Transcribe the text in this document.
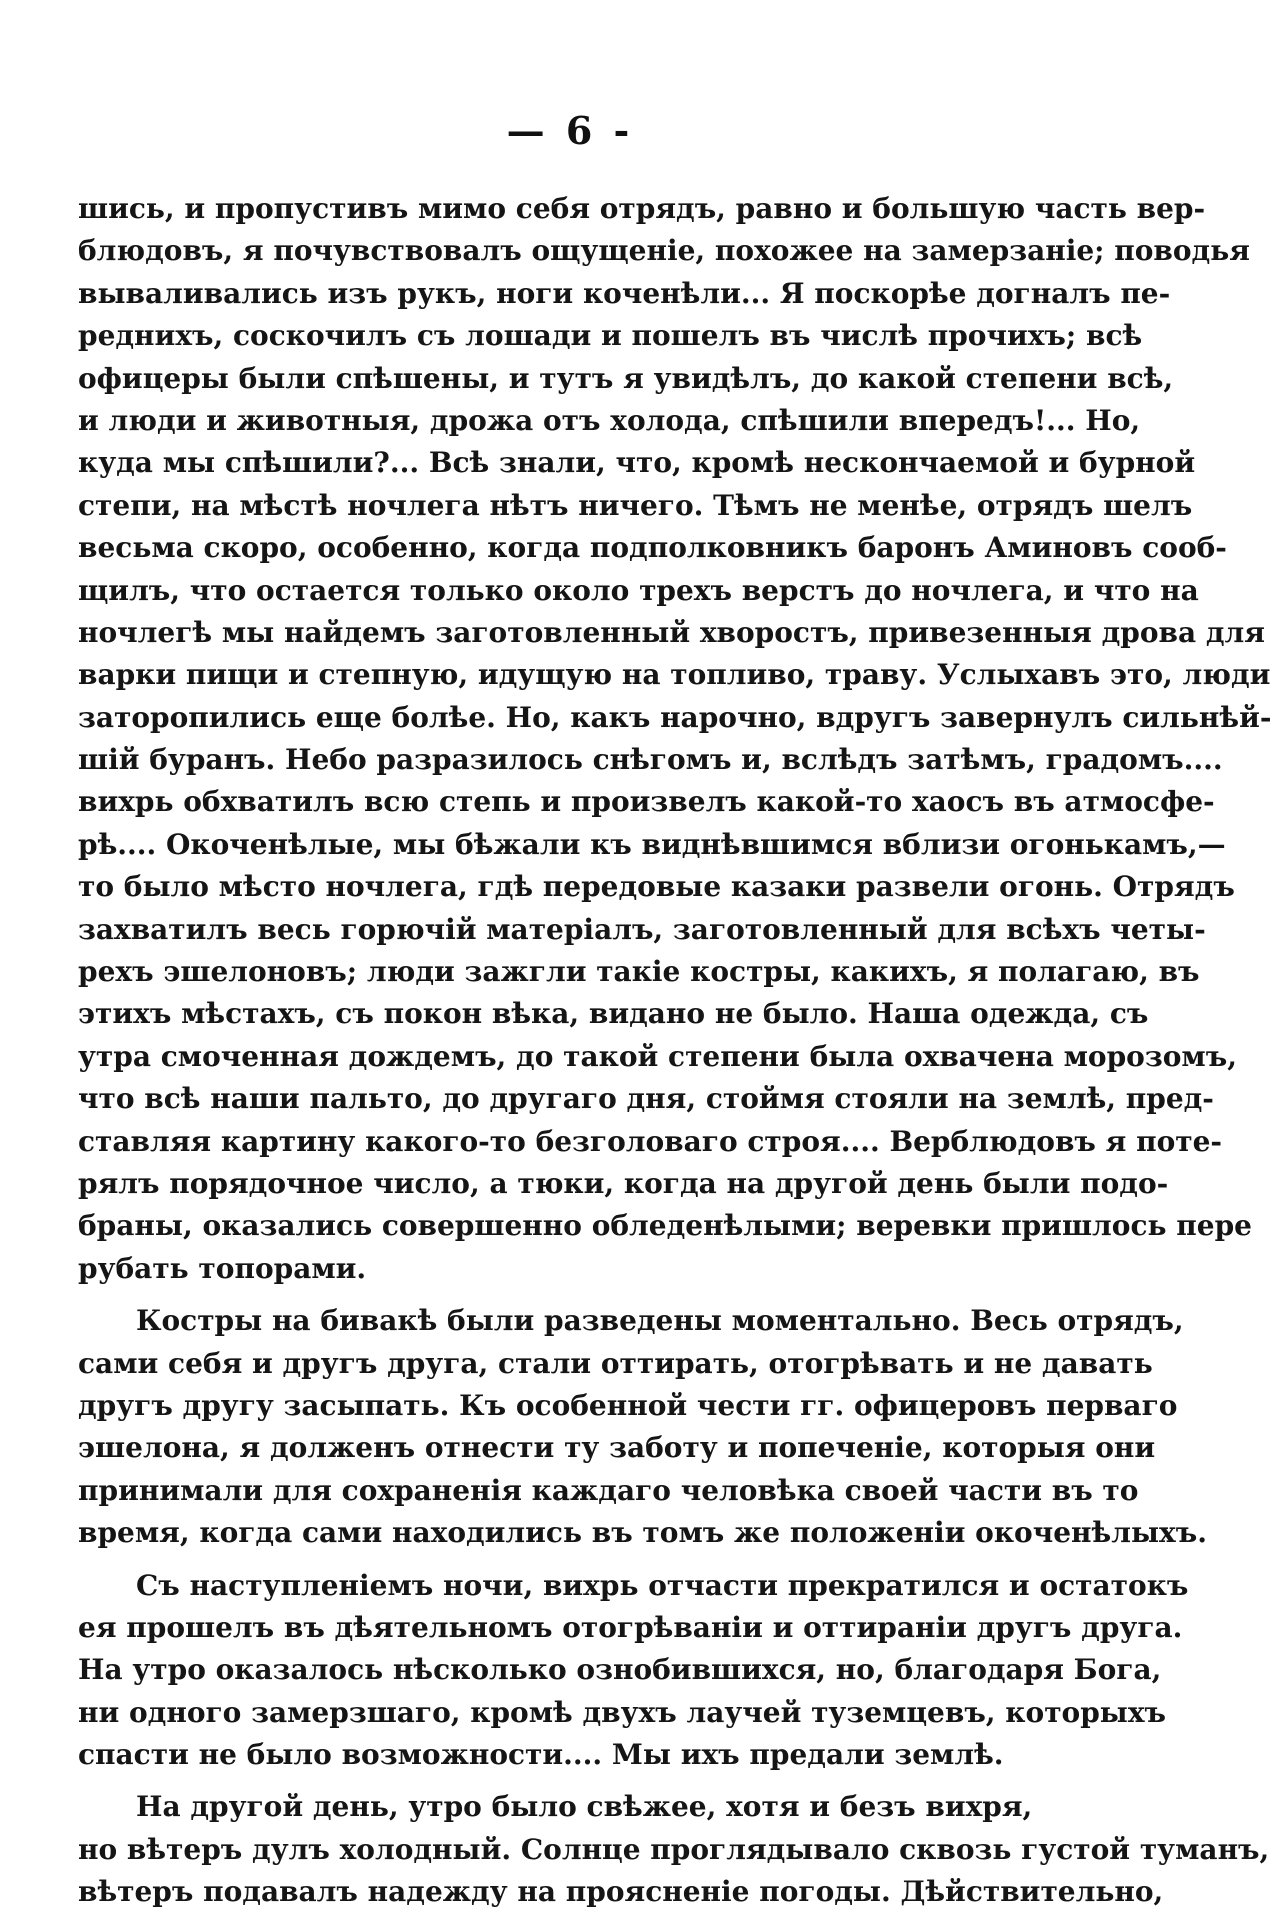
— 6 -
шись, и пропустивъ мимо себя отрядъ, равно и большую часть вер-
блюдовъ, я почувствовалъ ощущеніе, похожее на замерзаніе; поводья
вываливались изъ рукъ, ноги коченѣли... Я поскорѣе догналъ пе-
реднихъ, соскочилъ съ лошади и пошелъ въ числѣ прочихъ; всѣ
офицеры были спѣшены, и тутъ я увидѣлъ, до какой степени всѣ,
и люди и животныя, дрожа отъ холода, спѣшили впередъ!... Но,
куда мы спѣшили?... Всѣ знали, что, кромѣ нескончаемой и бурной
степи, на мѣстѣ ночлега нѣтъ ничего. Тѣмъ не менѣе, отрядъ шелъ
весьма скоро, особенно, когда подполковникъ баронъ Аминовъ сооб-
щилъ, что остается только около трехъ верстъ до ночлега, и что на
ночлегѣ мы найдемъ заготовленный хворостъ, привезенныя дрова для
варки пищи и степную, идущую на топливо, траву. Услыхавъ это, люди
заторопились еще болѣе. Но, какъ нарочно, вдругъ завернулъ сильнѣй-
шій буранъ. Небо разразилось снѣгомъ и, вслѣдъ затѣмъ, градомъ....
вихрь обхватилъ всю степь и произвелъ какой-то хаосъ въ атмосфе-
рѣ.... Окоченѣлые, мы бѣжали къ виднѣвшимся вблизи огонькамъ,—
то было мѣсто ночлега, гдѣ передовые казаки развели огонь. Отрядъ
захватилъ весь горючій матеріалъ, заготовленный для всѣхъ четы-
рехъ эшелоновъ; люди зажгли такіе костры, какихъ, я полагаю, въ
этихъ мѣстахъ, съ покон вѣка, видано не было. Наша одежда, съ
утра смоченная дождемъ, до такой степени была охвачена морозомъ,
что всѣ наши пальто, до другаго дня, стоймя стояли на землѣ, пред-
ставляя картину какого-то безголоваго строя.... Верблюдовъ я поте-
рялъ порядочное число, а тюки, когда на другой день были подо-
браны, оказались совершенно обледенѣлыми; веревки пришлось пере
рубать топорами.
Костры на бивакѣ были разведены моментально. Весь отрядъ,
сами себя и другъ друга, стали оттирать, отогрѣвать и не давать
другъ другу засыпать. Къ особенной чести гг. офицеровъ перваго
эшелона, я долженъ отнести ту заботу и попеченіе, которыя они
принимали для сохраненія каждаго человѣка своей части въ то
время, когда сами находились въ томъ же положеніи окоченѣлыхъ.
Съ наступленіемъ ночи, вихрь отчасти прекратился и остатокъ
ея прошелъ въ дѣятельномъ отогрѣваніи и оттираніи другъ друга.
На утро оказалось нѣсколько ознобившихся, но, благодаря Бога,
ни одного замерзшаго, кромѣ двухъ лаучей туземцевъ, которыхъ
спасти не было возможности.... Мы ихъ предали землѣ.
На другой день, утро было свѣжее, хотя и безъ вихря,
но вѣтеръ дулъ холодный. Солнце проглядывало сквозь густой туманъ,
вѣтеръ подавалъ надежду на проясненіе погоды. Дѣйствительно,
